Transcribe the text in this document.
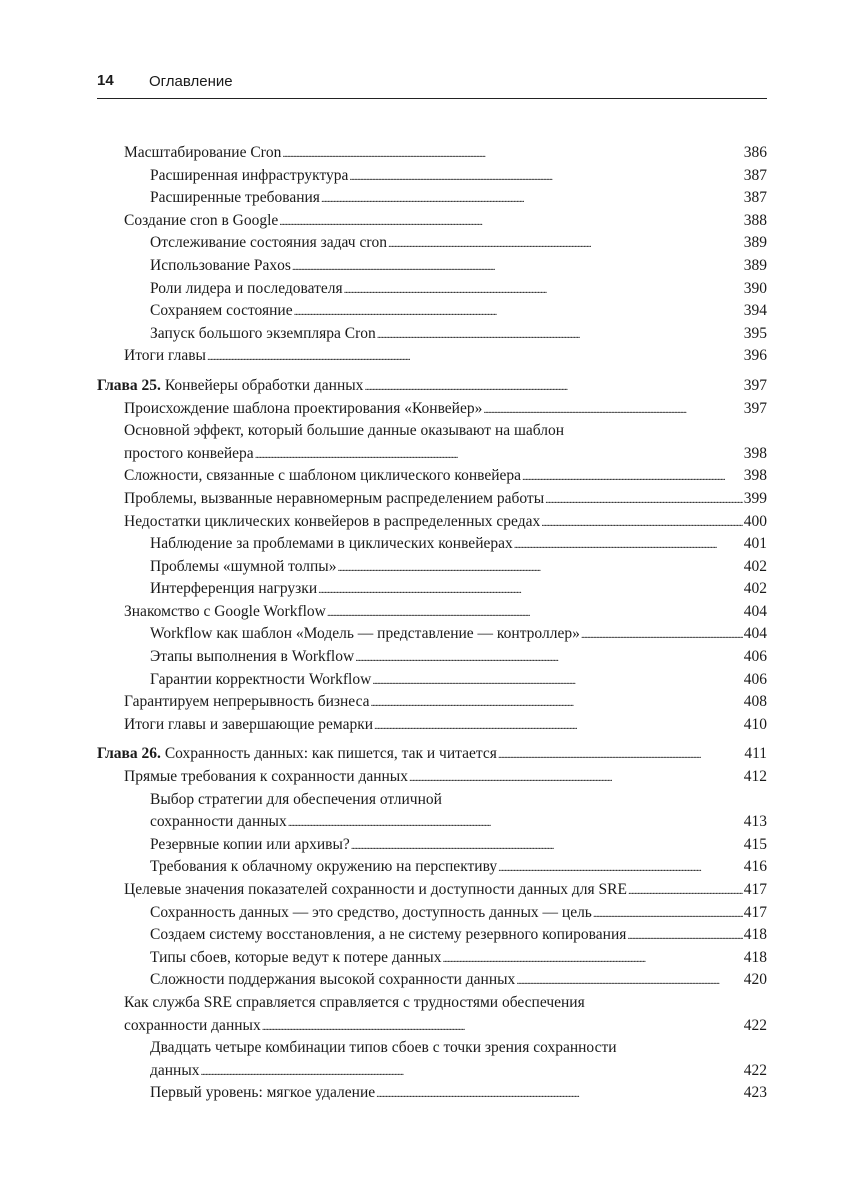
14 Оглавление
Масштабирование Cron . . .	386
Расширенная инфраструктура . . .	387
Расширенные требования . . .	387
Создание cron в Google . . .	388
Отслеживание состояния задач cron . . .	389
Использование Paxos . . .	389
Роли лидера и последователя . . .	390
Сохраняем состояние . . .	394
Запуск большого экземпляра Cron . . .	395
Итоги главы . . .	396
Глава 25. Конвейеры обработки данных . . .	397
Происхождение шаблона проектирования «Конвейер» . . .	397
Основной эффект, который большие данные оказывают на шаблон
простого конвейера . . .	398
Сложности, связанные с шаблоном циклического конвейера . . .	398
Проблемы, вызванные неравномерным распределением работы . . .	399
Недостатки циклических конвейеров в распределенных средах . . .	400
Наблюдение за проблемами в циклических конвейерах . . .	401
Проблемы «шумной толпы» . . .	402
Интерференция нагрузки . . .	402
Знакомство с Google Workflow . . .	404
Workflow как шаблон «Модель — представление — контроллер» . . .	404
Этапы выполнения в Workflow . . .	406
Гарантии корректности Workflow . . .	406
Гарантируем непрерывность бизнеса . . .	408
Итоги главы и завершающие ремарки . . .	410
Глава 26. Сохранность данных: как пишется, так и читается . . .	411
Прямые требования к сохранности данных . . .	412
Выбор стратегии для обеспечения отличной
сохранности данных . . .	413
Резервные копии или архивы? . . .	415
Требования к облачному окружению на перспективу . . .	416
Целевые значения показателей сохранности и доступности данных для SRE . . .	417
Сохранность данных — это средство, доступность данных — цель . . .	417
Создаем систему восстановления, а не систему резервного копирования . . .	418
Типы сбоев, которые ведут к потере данных . . .	418
Сложности поддержания высокой сохранности данных . . .	420
Как служба SRE справляется справляется с трудностями обеспечения
сохранности данных . . .	422
Двадцать четыре комбинации типов сбоев с точки зрения сохранности
данных . . .	422
Первый уровень: мягкое удаление . . .	423
